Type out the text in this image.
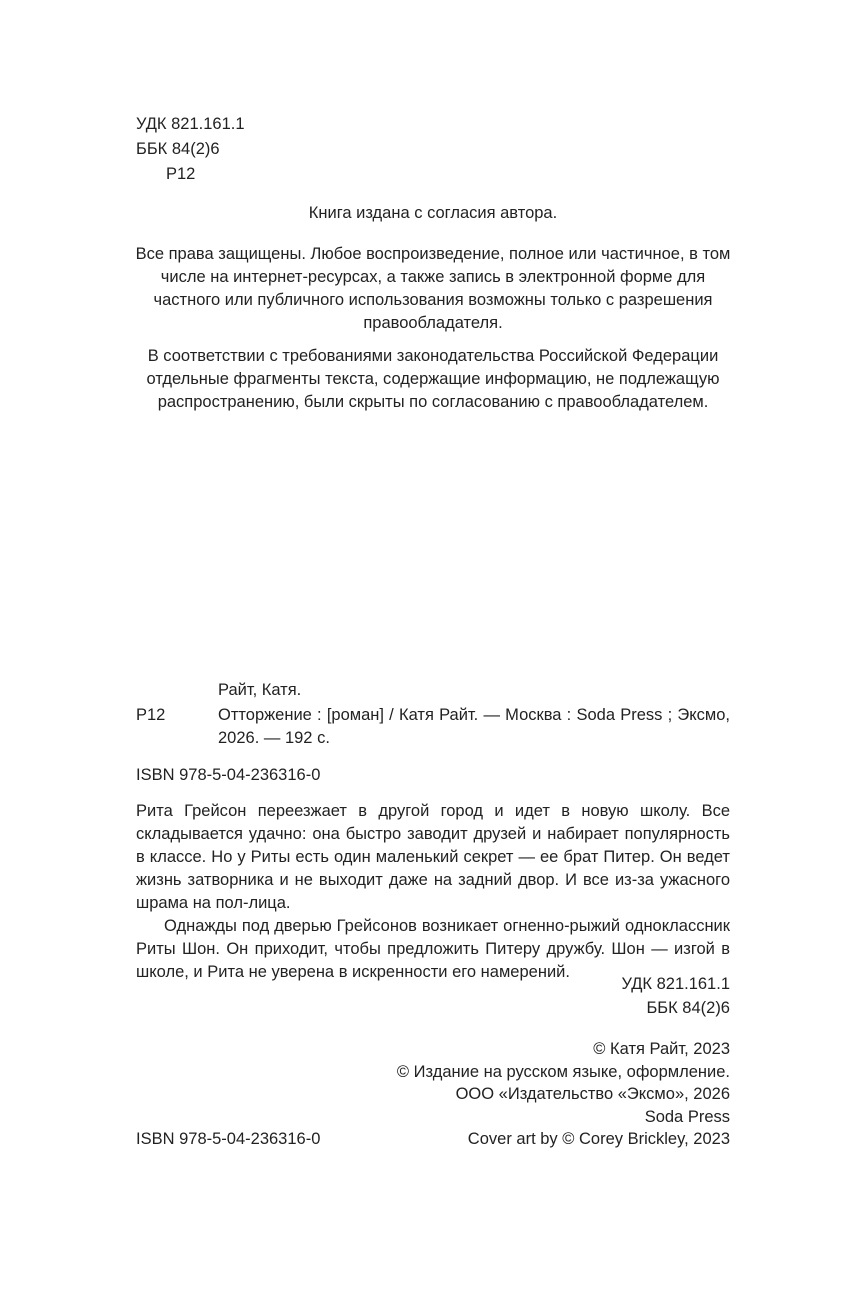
УДК 821.161.1
ББК 84(2)6
Р12
Книга издана с согласия автора.
Все права защищены. Любое воспроизведение, полное или частичное, в том числе на интернет-ресурсах, а также запись в электронной форме для частного или публичного использования возможны только с разрешения правообладателя.
В соответствии с требованиями законодательства Российской Федерации отдельные фрагменты текста, содержащие информацию, не подлежащую распространению, были скрыты по согласованию с правообладателем.
Райт, Катя.
Р12	Отторжение : [роман] / Катя Райт. — Москва : Soda Press ; Эксмо, 2026. — 192 с.
ISBN 978-5-04-236316-0

Рита Грейсон переезжает в другой город и идет в новую школу. Все складывается удачно: она быстро заводит друзей и набирает популярность в классе. Но у Риты есть один маленький секрет — ее брат Питер. Он ведет жизнь затворника и не выходит даже на задний двор. И все из-за ужасного шрама на пол-лица.

Однажды под дверью Грейсонов возникает огненно-рыжий одноклассник Риты Шон. Он приходит, чтобы предложить Питеру дружбу. Шон — изгой в школе, и Рита не уверена в искренности его намерений.

УДК 821.161.1
ББК 84(2)6
© Катя Райт, 2023
© Издание на русском языке, оформление.
ООО «Издательство «Эксмо», 2026
Soda Press
Cover art by © Corey Brickley, 2023
ISBN 978-5-04-236316-0
